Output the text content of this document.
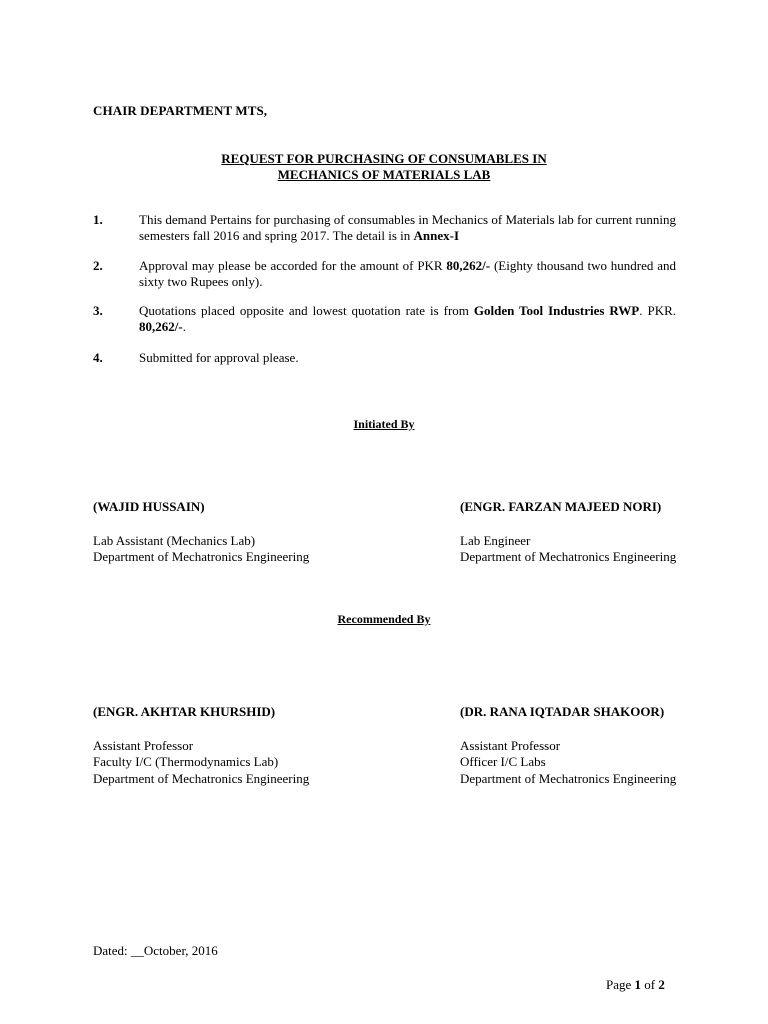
CHAIR DEPARTMENT MTS,
REQUEST FOR PURCHASING OF CONSUMABLES IN
MECHANICS OF MATERIALS LAB
1.	This demand Pertains for purchasing of consumables in Mechanics of Materials lab for current running semesters fall 2016 and spring 2017. The detail is in Annex-I
2.	Approval may please be accorded for the amount of PKR 80,262/- (Eighty thousand two hundred and sixty two Rupees only).
3.	Quotations placed opposite and lowest quotation rate is from Golden Tool Industries RWP. PKR. 80,262/-.
4.	Submitted for approval please.
Initiated By
(WAJID HUSSAIN)
Lab Assistant (Mechanics Lab)
Department of Mechatronics Engineering
(ENGR. FARZAN MAJEED NORI)
Lab Engineer
Department of Mechatronics Engineering
Recommended By
(ENGR. AKHTAR KHURSHID)
Assistant Professor
Faculty I/C (Thermodynamics Lab)
Department of Mechatronics Engineering
(DR. RANA IQTADAR SHAKOOR)
Assistant Professor
Officer I/C Labs
Department of Mechatronics Engineering
Dated: __October, 2016
Page 1 of 2
